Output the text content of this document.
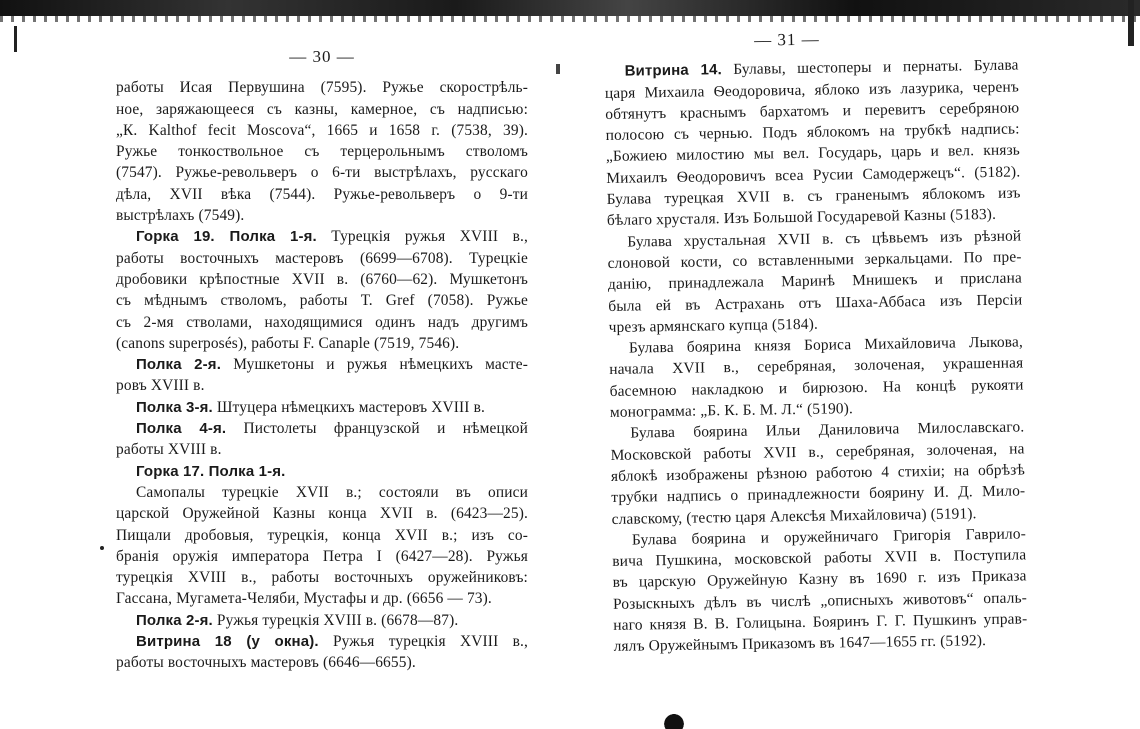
— 30 —
работы Исая Первушина (7595). Ружье скорострѣль-
ное, заряжающееся съ казны, камерное, съ надписью:
„К. Kalthof fecit Moscova“, 1665 и 1658 г. (7538, 39).
Ружье тонкоствольное съ терцерольнымъ стволомъ
(7547). Ружье-револьверъ о 6-ти выстрѣлахъ, русскаго
дѣла, XVII вѣка (7544). Ружье-револьверъ о 9-ти
выстрѣлахъ (7549).
Горка 19. Полка 1-я. Турецкія ружья XVIII в.,
работы восточныхъ мастеровъ (6699—6708). Турецкіе
дробовики крѣпостные XVII в. (6760—62). Мушкетонъ
съ мѣднымъ стволомъ, работы Т. Gref (7058). Ружье
съ 2-мя стволами, находящимися одинъ надъ другимъ
(canons superposés), работы F. Canaple (7519, 7546).
Полка 2-я. Мушкетоны и ружья нѣмецкихъ масте-
ровъ XVIII в.
Полка 3-я. Штуцера нѣмецкихъ мастеровъ XVIII в.
Полка 4-я. Пистолеты французской и нѣмецкой
работы XVIII в.
Горка 17. Полка 1-я.
Самопалы турецкіе XVII в.; состояли въ описи
царской Оружейной Казны конца XVII в. (6423—25).
Пищали дробовыя, турецкія, конца XVII в.; изъ со-
бранія оружія императора Петра I (6427—28). Ружья
турецкія XVIII в., работы восточныхъ оружейниковъ:
Гассана, Мугамета-Челяби, Мустафы и др. (6656 — 73).
Полка 2-я. Ружья турецкія XVIII в. (6678—87).
Витрина 18 (у окна). Ружья турецкія XVIII в.,
работы восточныхъ мастеровъ (6646—6655).
— 31 —
Витрина 14. Булавы, шестоперы и пернаты. Булава
царя Михаила Ѳеодоровича, яблоко изъ лазурика, черенъ
обтянутъ краснымъ бархатомъ и перевитъ серебряною
полосою съ чернью. Подъ яблокомъ на трубкѣ надпись:
„Божиею милостию мы вел. Государь, царь и вел. князь
Михаилъ Ѳеодоровичъ всеа Русии Самодержецъ“. (5182).
Булава турецкая XVII в. съ граненымъ яблокомъ изъ
бѣлаго хрусталя. Изъ Большой Государевой Казны (5183).
Булава хрустальная XVII в. съ цѣвьемъ изъ рѣзной
слоновой кости, со вставленными зеркальцами. По пре-
данію, принадлежала Маринѣ Мнишекъ и прислана
была ей въ Астрахань отъ Шаха-Аббаса изъ Персіи
чрезъ армянскаго купца (5184).
Булава боярина князя Бориса Михайловича Лыкова,
начала XVII в., серебряная, золоченая, украшенная
басемною накладкою и бирюзою. На концѣ рукояти
монограмма: „Б. К. Б. М. Л.“ (5190).
Булава боярина Ильи Даниловича Милославскаго.
Московской работы XVII в., серебряная, золоченая, на
яблокѣ изображены рѣзною работою 4 стихіи; на обрѣзѣ
трубки надпись о принадлежности боярину И. Д. Мило-
славскому, (тестю царя Алексѣя Михайловича) (5191).
Булава боярина и оружейничаго Григорія Гаврило-
вича Пушкина, московской работы XVII в. Поступила
въ царскую Оружейную Казну въ 1690 г. изъ Приказа
Розыскныхъ дѣлъ въ числѣ „описныхъ животовъ“ опаль-
наго князя В. В. Голицына. Бояринъ Г. Г. Пушкинъ управ-
лялъ Оружейнымъ Приказомъ въ 1647—1655 гг. (5192).
